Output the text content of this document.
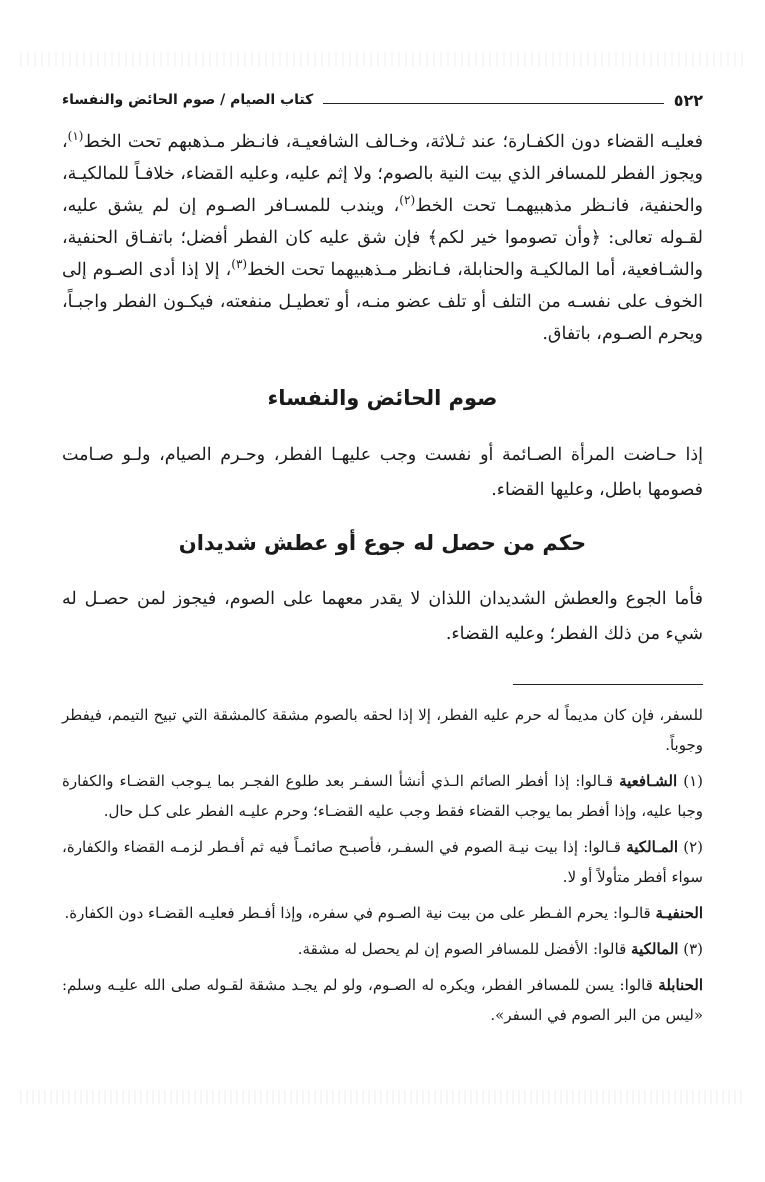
٥٢٢
كتاب الصيام / صوم الحائض والنفساء
فعليـه القضاء دون الكفـارة؛ عند ثـلاثة، وخـالف الشافعيـة، فانـظر مـذهبهم تحت الخط$^{(١)}$، ويجوز الفطر للمسافر الذي بيت النية بالصوم؛ ولا إثم عليه، وعليه القضاء، خلافـاً للمالكيـة، والحنفية، فانـظر مذهبيهمـا تحت الخط$^{(٢)}$، ويندب للمسـافر الصـوم إن لم يشق عليه، لقـوله تعالى: ﴿وأن تصوموا خير لكم﴾ فإن شق عليه كان الفطر أفضل؛ باتفـاق الحنفية، والشـافعية، أما المالكيـة والحنابلة، فـانظر مـذهبيهما تحت الخط$^{(٣)}$، إلا إذا أدى الصـوم إلى الخوف على نفسـه من التلف أو تلف عضو منـه، أو تعطيـل منفعته، فيكـون الفطر واجبـاً، ويحرم الصـوم، باتفاق.
صوم الحائض والنفساء
إذا حـاضت المرأة الصـائمة أو نفست وجب عليهـا الفطر، وحـرم الصيام، ولـو صـامت فصومها باطل، وعليها القضاء.
حكم من حصل له جوع أو عطش شديدان
فأما الجوع والعطش الشديدان اللذان لا يقدر معهما على الصوم، فيجوز لمن حصـل له شيء من ذلك الفطر؛ وعليه القضاء.

للسفر، فإن كان مديماً له حرم عليه الفطر، إلا إذا لحقه بالصوم مشقة كالمشقة التي تبيح التيمم، فيفطر وجوباً.

(١) الشـافعية قـالوا: إذا أفطر الصائم الـذي أنشأ السفـر بعد طلوع الفجـر بما يـوجب القضـاء والكفارة وجبا عليه، وإذا أفطر بما يوجب القضاء فقط وجب عليه القضـاء؛ وحرم عليـه الفطر على كـل حال.

(٢) المـالكية قـالوا: إذا بيت نيـة الصوم في السفـر، فأصبـح صائمـاً فيه ثم أفـطر لزمـه القضاء والكفارة، سواء أفطر متأولاً أو لا.

الحنفيـة قالـوا: يحرم الفـطر على من بيت نية الصـوم في سفره، وإذا أفـطر فعليـه القضـاء دون الكفارة.

(٣) المالكية قالوا: الأفضل للمسافر الصوم إن لم يحصل له مشقة.

الحنابلة قالوا: يسن للمسافر الفطر، ويكره له الصـوم، ولو لم يجـد مشقة لقـوله صلى الله عليـه وسلم: «ليس من البر الصوم في السفر».
